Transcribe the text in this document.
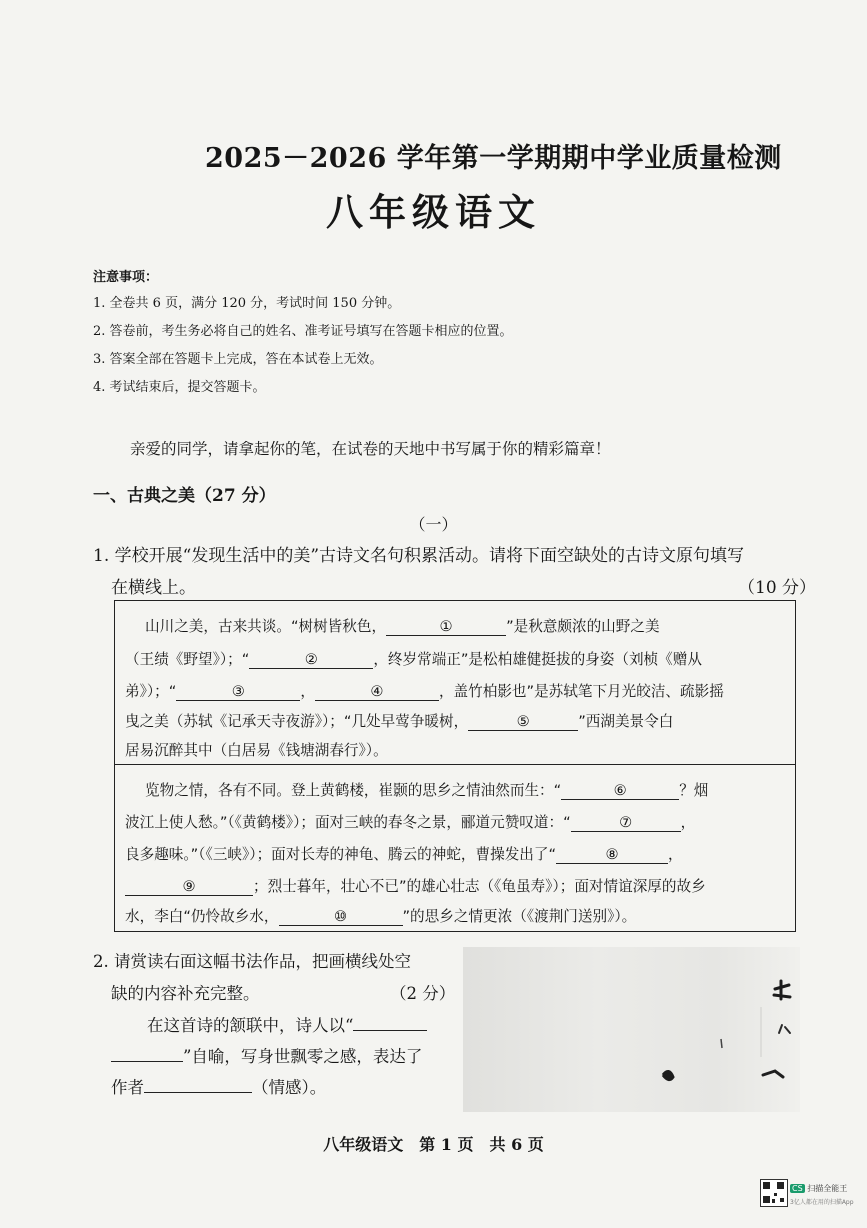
2025－2026 学年第一学期期中学业质量检测
八年级语文
注意事项：
1. 全卷共 6 页，满分 120 分，考试时间 150 分钟。
2. 答卷前，考生务必将自己的姓名、准考证号填写在答题卡相应的位置。
3. 答案全部在答题卡上完成，答在本试卷上无效。
4. 考试结束后，提交答题卡。
亲爱的同学，请拿起你的笔，在试卷的天地中书写属于你的精彩篇章！
一、古典之美（27 分）
（一）
1. 学校开展“发现生活中的美”古诗文名句积累活动。请将下面空缺处的古诗文原句填写
在横线上。	（10 分）
山川之美，古来共谈。“树树皆秋色，	①	”是秋意颇浓的山野之美
（王绩《野望》）；“	②	，终岁常端正”是松柏雄健挺拔的身姿（刘桢《赠从
弟》）；“	③	，	④	，盖竹柏影也”是苏轼笔下月光皎洁、疏影摇
曳之美（苏轼《记承天寺夜游》）；“几处早莺争暖树，	⑤	”西湖美景令白
居易沉醉其中（白居易《钱塘湖春行》）。
览物之情，各有不同。登上黄鹤楼，崔颢的思乡之情油然而生：“	⑥	？烟
波江上使人愁。”（《黄鹤楼》）；面对三峡的春冬之景，郦道元赞叹道：“	⑦	，
良多趣味。”（《三峡》）；面对长寿的神龟、腾云的神蛇，曹操发出了“	⑧	，
⑨	；烈士暮年，壮心不已”的雄心壮志（《龟虽寿》）；面对情谊深厚的故乡
水，李白“仍怜故乡水，	⑩	”的思乡之情更浓（《渡荆门送别》）。
2. 请赏读右面这幅书法作品，把画横线处空
缺的内容补充完整。	（2 分）
在这首诗的颔联中，诗人以“
”自喻，写身世飘零之感，表达了
作者	（情感）。
八年级语文　第 1 页　共 6 页
CS 扫描全能王
3亿人都在用的扫描App
